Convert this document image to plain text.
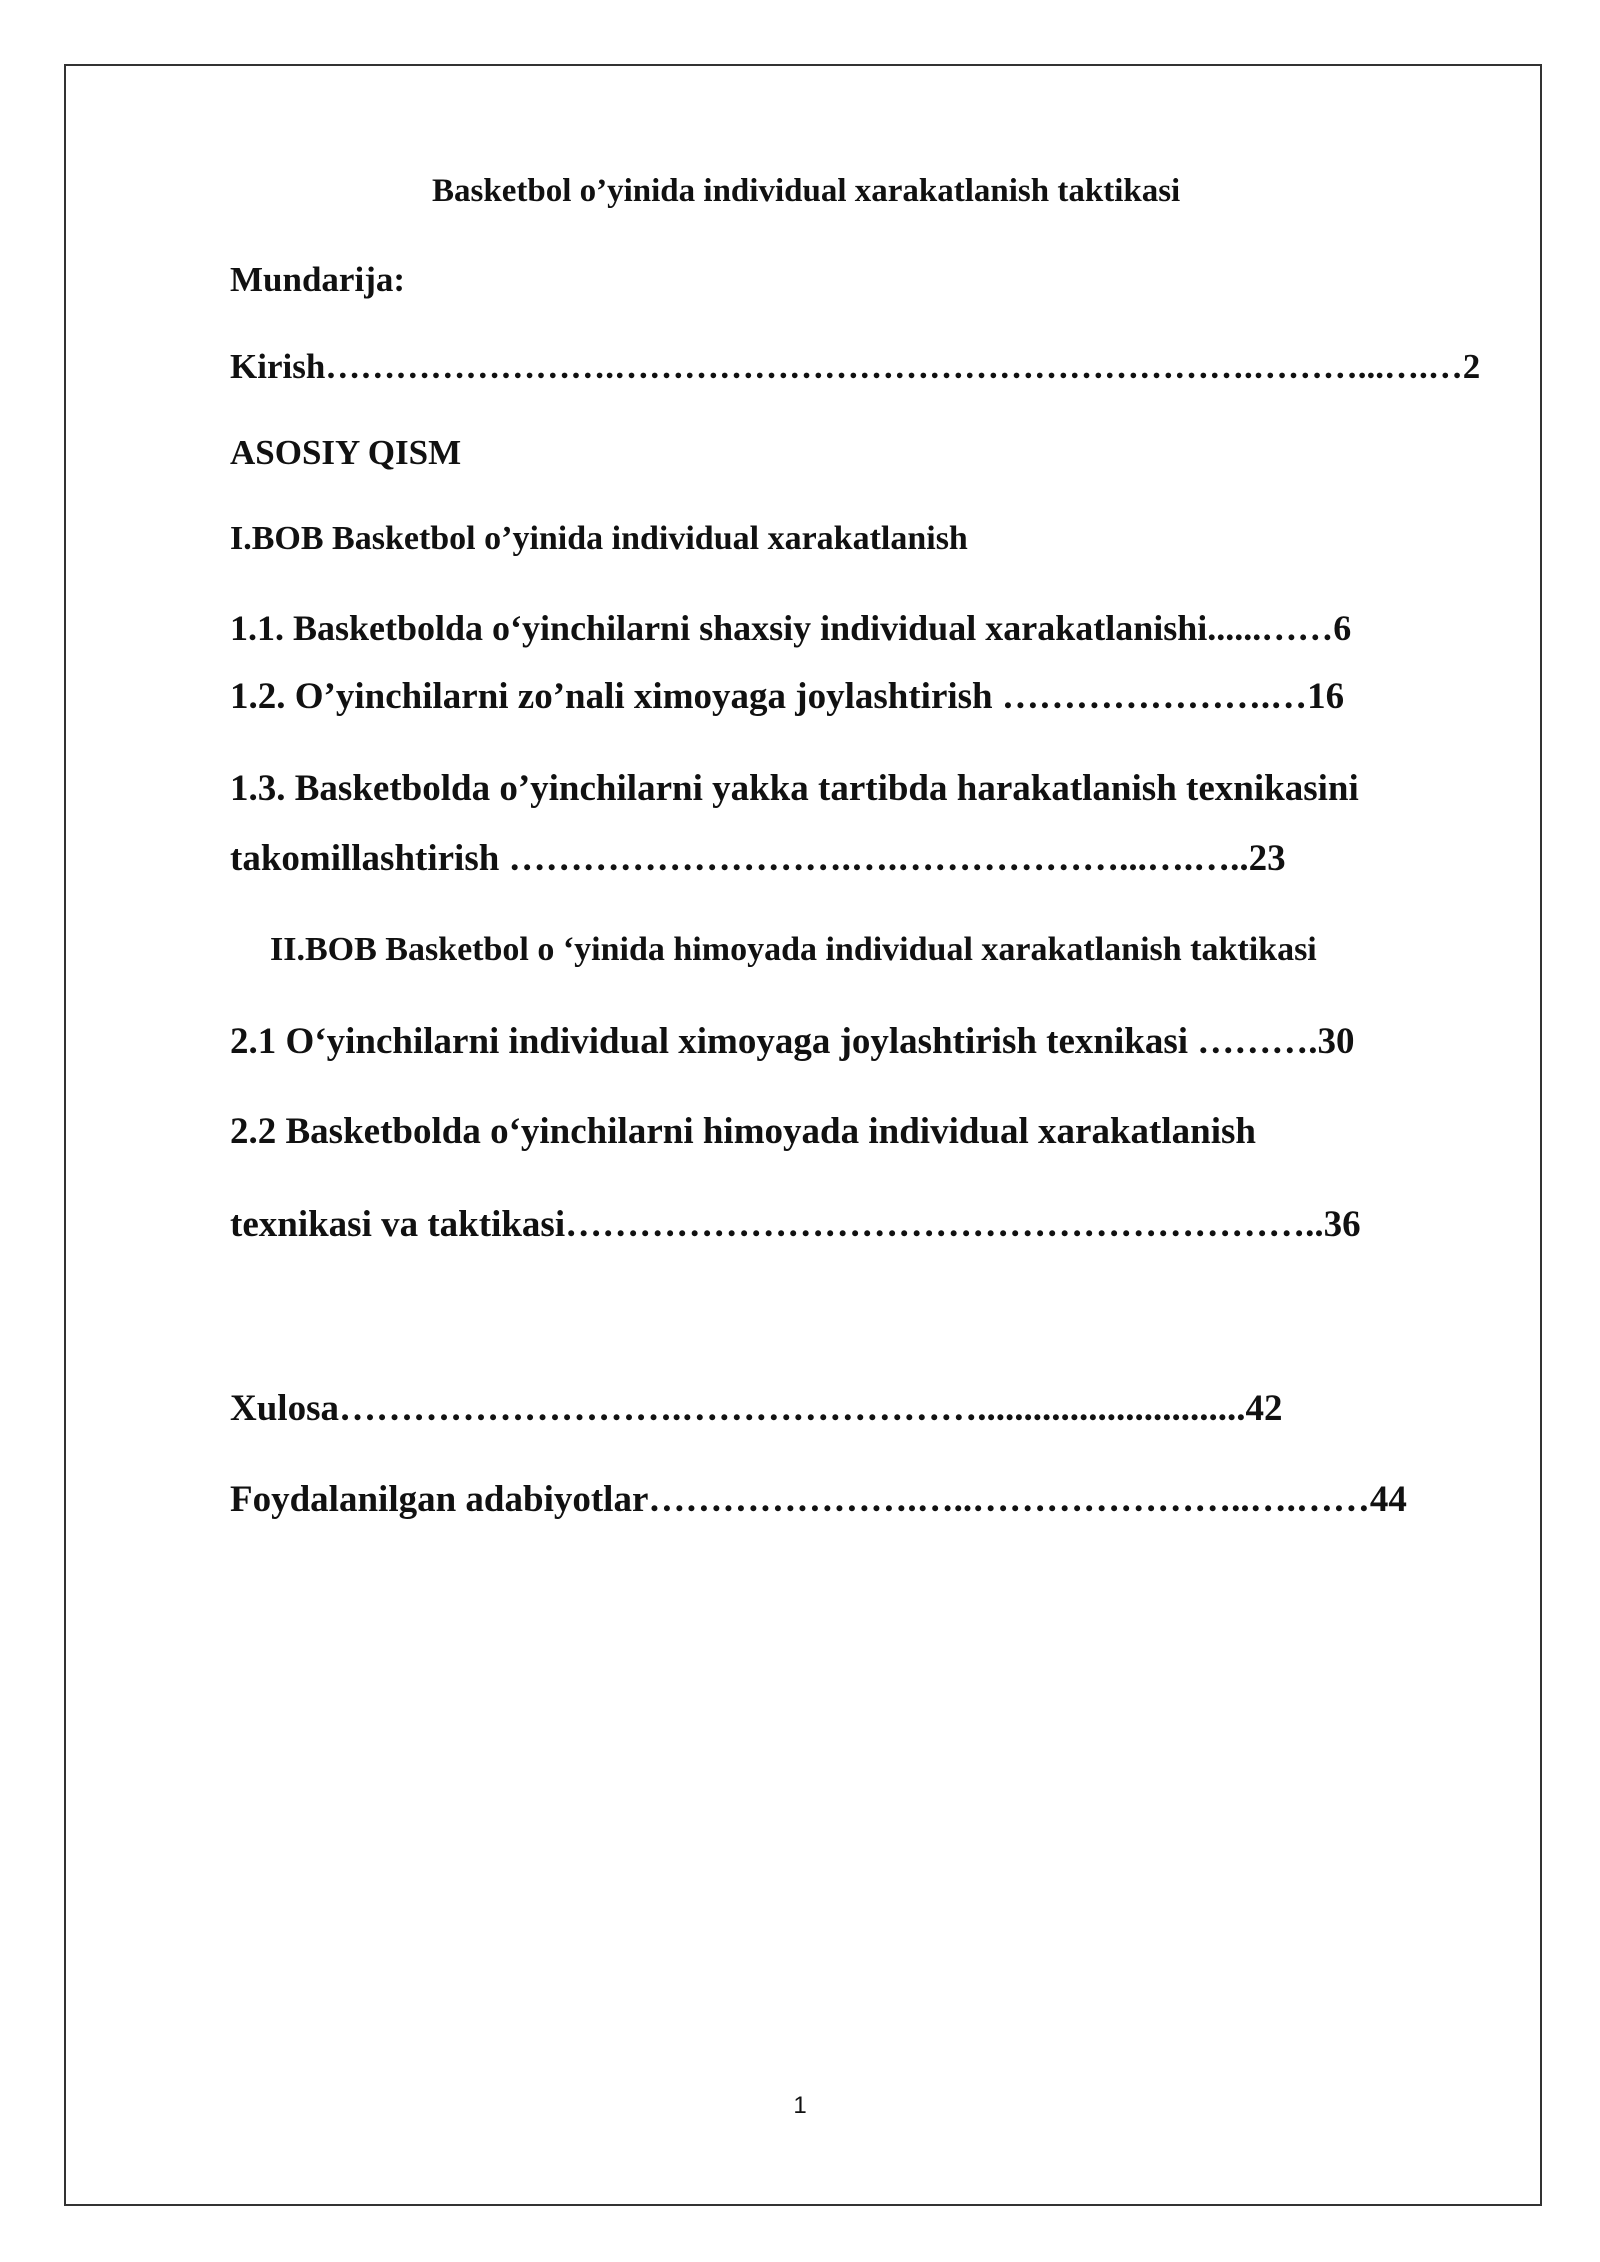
Basketbol o’yinida individual xarakatlanish taktikasi
Mundarija:
Kirish…………………….……………………………………………….………...….…2
ASOSIY QISM
I.BOB Basketbol o’yinida individual xarakatlanish
1.1. Basketbolda o‘yinchilarni shaxsiy individual xarakatlanishi......……6
1.2. O’yinchilarni zo’nali ximoyaga joylashtirish ………………….…16
1.3. Basketbolda o’yinchilarni yakka tartibda harakatlanish texnikasini
takomillashtirish ……………………….….………………...….…..23
II.BOB Basketbol o ‘yinida himoyada individual xarakatlanish taktikasi
2.1 O‘yinchilarni individual ximoyaga joylashtirish texnikasi ……….30
2.2 Basketbolda o‘yinchilarni himoyada individual xarakatlanish
texnikasi va taktikasi……………………………………………………..36
Xulosa……………………….…………………….............................42
Foydalanilgan adabiyotlar………………….…..…………………..….……44
1
